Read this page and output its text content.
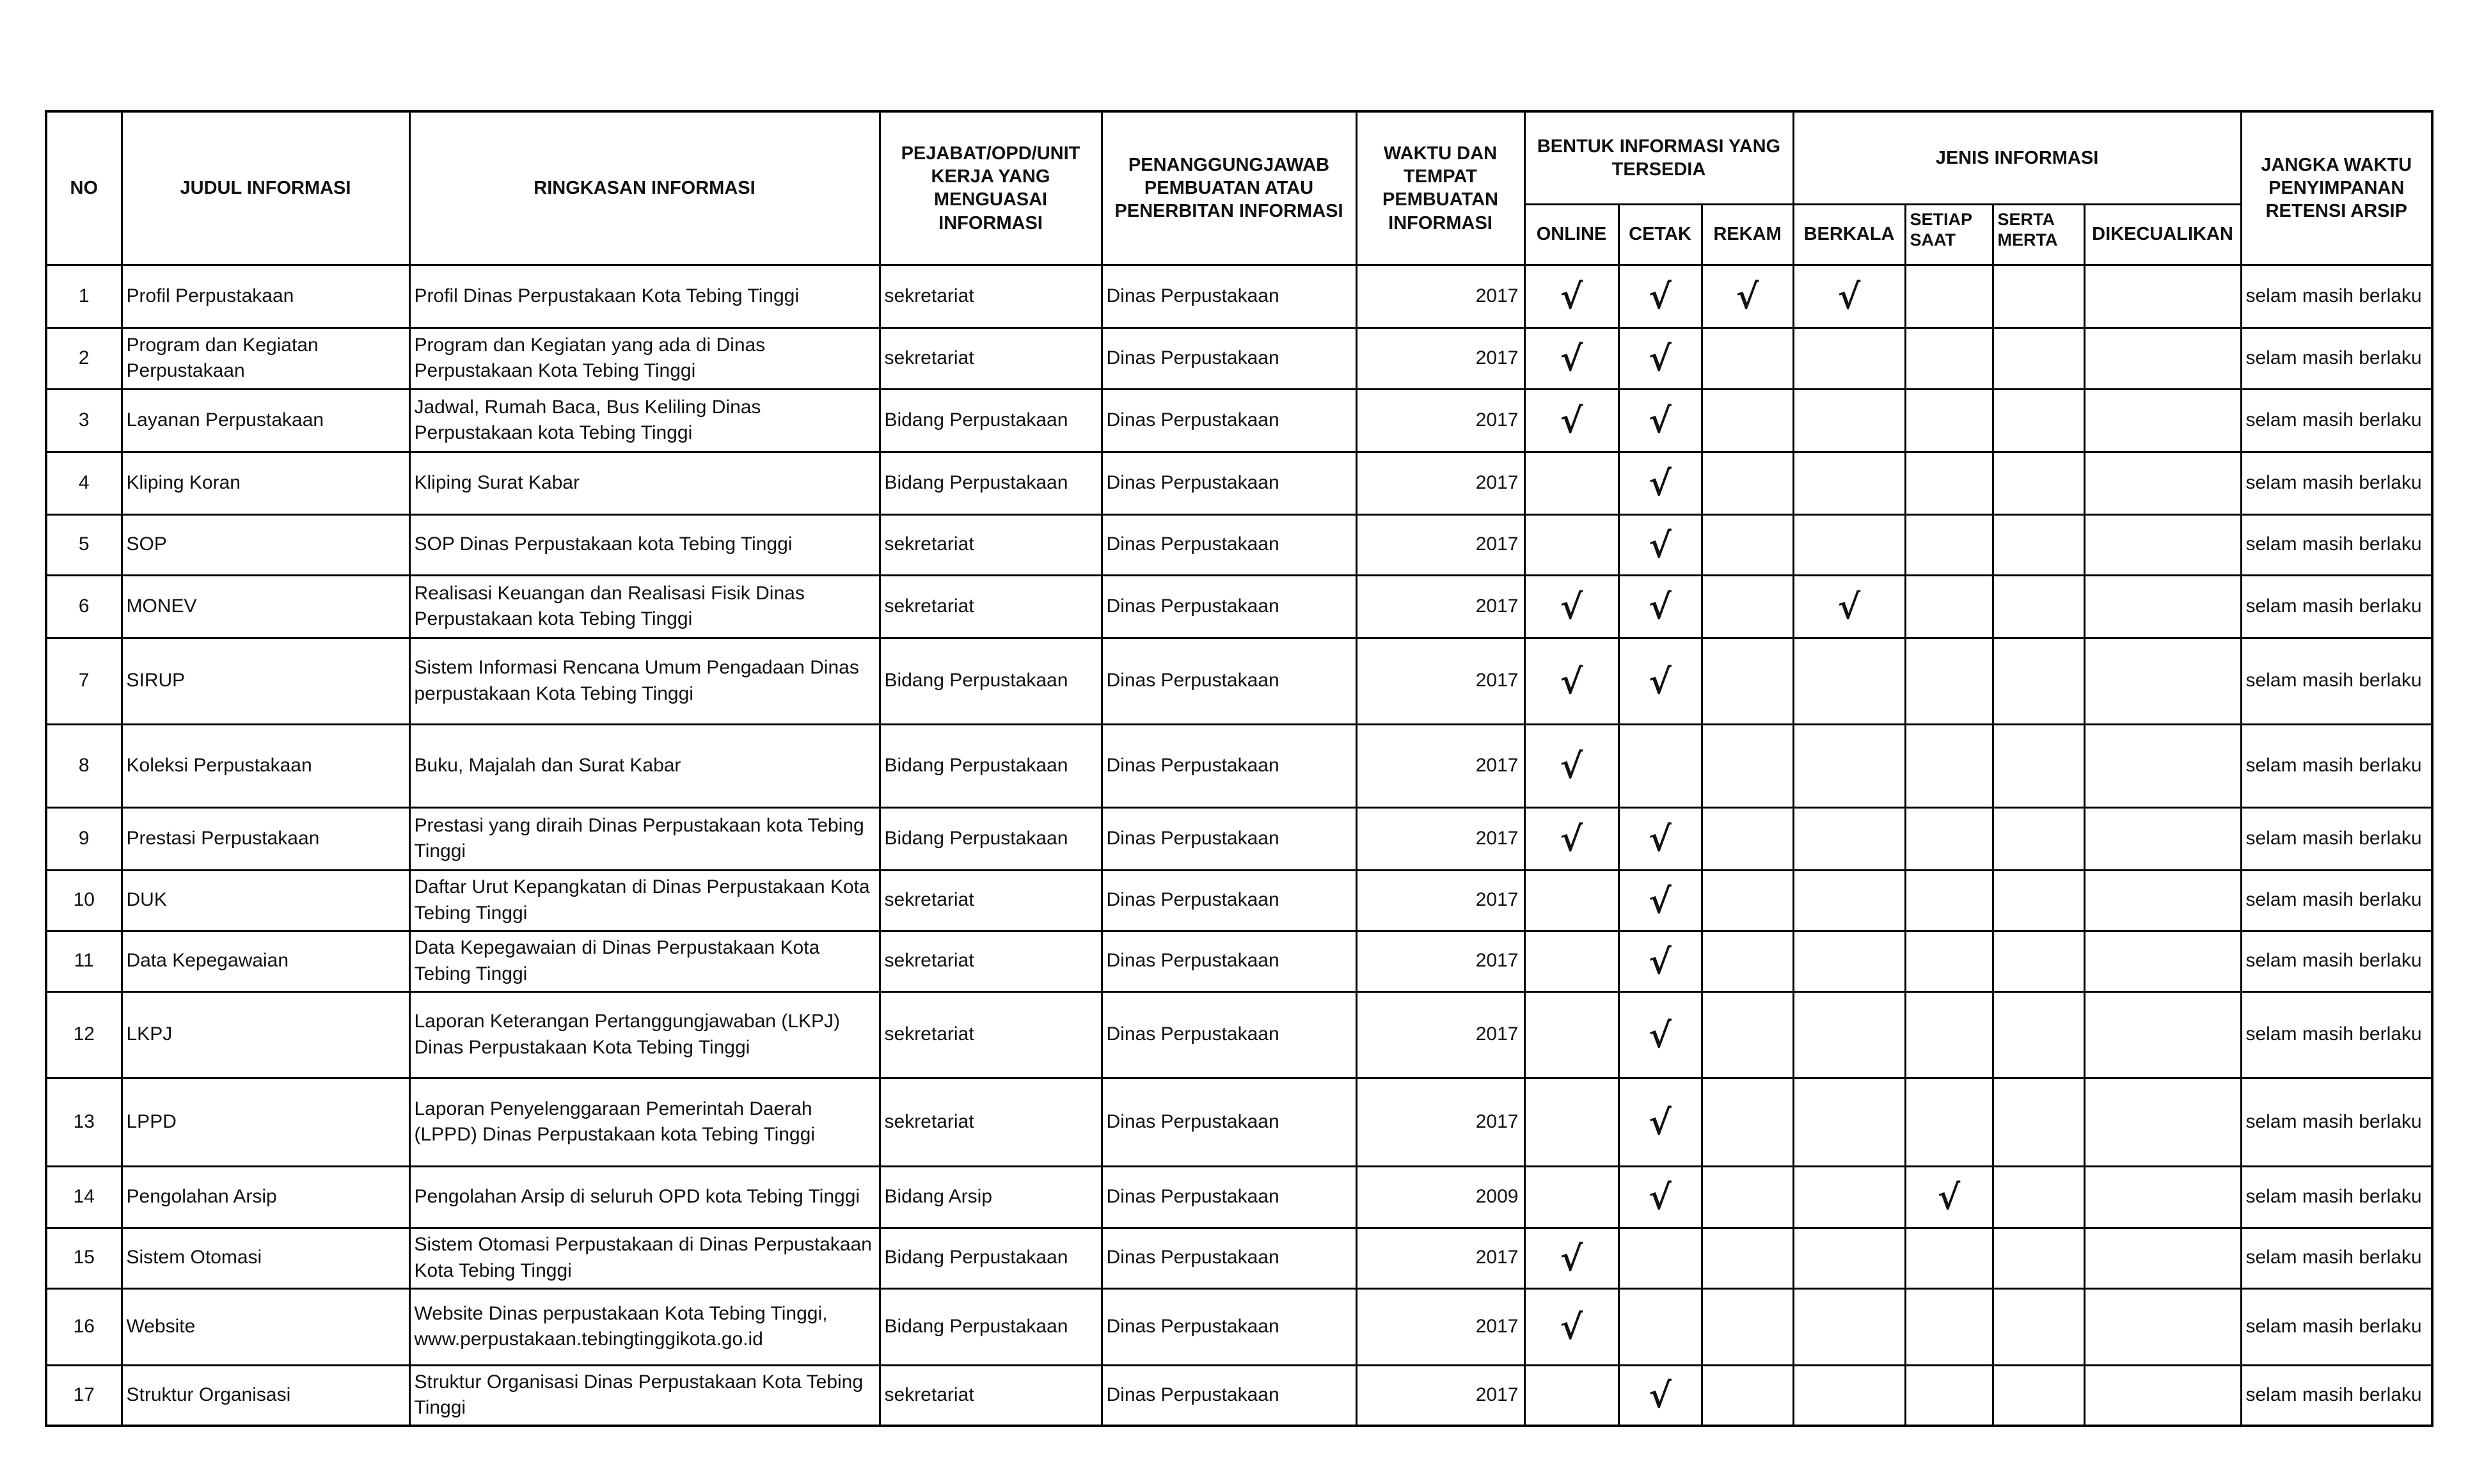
NO	JUDUL INFORMASI	RINGKASAN INFORMASI	PEJABAT/OPD/UNIT KERJA YANG MENGUASAI INFORMASI	PENANGGUNGJAWAB PEMBUATAN ATAU PENERBITAN INFORMASI	WAKTU DAN TEMPAT PEMBUATAN INFORMASI	BENTUK INFORMASI YANG TERSEDIA			JENIS INFORMASI				JANGKA WAKTU PENYIMPANAN RETENSI ARSIP
						ONLINE	CETAK	REKAM	BERKALA	SETIAP SAAT	SERTA MERTA	DIKECUALIKAN	
1	Profil Perpustakaan	Profil Dinas Perpustakaan Kota Tebing Tinggi	sekretariat	Dinas Perpustakaan	2017	√	√	√	√				selam masih berlaku
2	Program dan Kegiatan Perpustakaan	Program dan Kegiatan yang ada di Dinas Perpustakaan Kota Tebing Tinggi	sekretariat	Dinas Perpustakaan	2017	√	√						selam masih berlaku
3	Layanan Perpustakaan	Jadwal, Rumah Baca, Bus Keliling Dinas Perpustakaan kota Tebing Tinggi	Bidang Perpustakaan	Dinas Perpustakaan	2017	√	√						selam masih berlaku
4	Kliping Koran	Kliping Surat Kabar	Bidang Perpustakaan	Dinas Perpustakaan	2017		√						selam masih berlaku
5	SOP	SOP Dinas Perpustakaan kota Tebing Tinggi	sekretariat	Dinas Perpustakaan	2017		√						selam masih berlaku
6	MONEV	Realisasi Keuangan dan Realisasi Fisik Dinas Perpustakaan kota Tebing Tinggi	sekretariat	Dinas Perpustakaan	2017	√	√		√				selam masih berlaku
7	SIRUP	Sistem Informasi Rencana Umum Pengadaan Dinas perpustakaan Kota Tebing Tinggi	Bidang Perpustakaan	Dinas Perpustakaan	2017	√	√						selam masih berlaku
8	Koleksi Perpustakaan	Buku, Majalah dan Surat Kabar	Bidang Perpustakaan	Dinas Perpustakaan	2017	√							selam masih berlaku
9	Prestasi Perpustakaan	Prestasi yang diraih Dinas Perpustakaan kota Tebing Tinggi	Bidang Perpustakaan	Dinas Perpustakaan	2017	√	√						selam masih berlaku
10	DUK	Daftar Urut Kepangkatan di Dinas Perpustakaan Kota Tebing Tinggi	sekretariat	Dinas Perpustakaan	2017		√						selam masih berlaku
11	Data Kepegawaian	Data Kepegawaian di Dinas Perpustakaan Kota Tebing Tinggi	sekretariat	Dinas Perpustakaan	2017		√						selam masih berlaku
12	LKPJ	Laporan Keterangan Pertanggungjawaban (LKPJ) Dinas Perpustakaan Kota Tebing Tinggi	sekretariat	Dinas Perpustakaan	2017		√						selam masih berlaku
13	LPPD	Laporan Penyelenggaraan Pemerintah Daerah (LPPD) Dinas Perpustakaan kota Tebing Tinggi	sekretariat	Dinas Perpustakaan	2017		√						selam masih berlaku
14	Pengolahan Arsip	Pengolahan Arsip di seluruh OPD kota Tebing Tinggi	Bidang Arsip	Dinas Perpustakaan	2009		√			√			selam masih berlaku
15	Sistem Otomasi	Sistem Otomasi Perpustakaan di Dinas Perpustakaan Kota Tebing Tinggi	Bidang Perpustakaan	Dinas Perpustakaan	2017	√							selam masih berlaku
16	Website	Website Dinas perpustakaan Kota Tebing Tinggi, www.perpustakaan.tebingtinggikota.go.id	Bidang Perpustakaan	Dinas Perpustakaan	2017	√							selam masih berlaku
17	Struktur Organisasi	Struktur Organisasi Dinas Perpustakaan Kota Tebing Tinggi	sekretariat	Dinas Perpustakaan	2017		√						selam masih berlaku
